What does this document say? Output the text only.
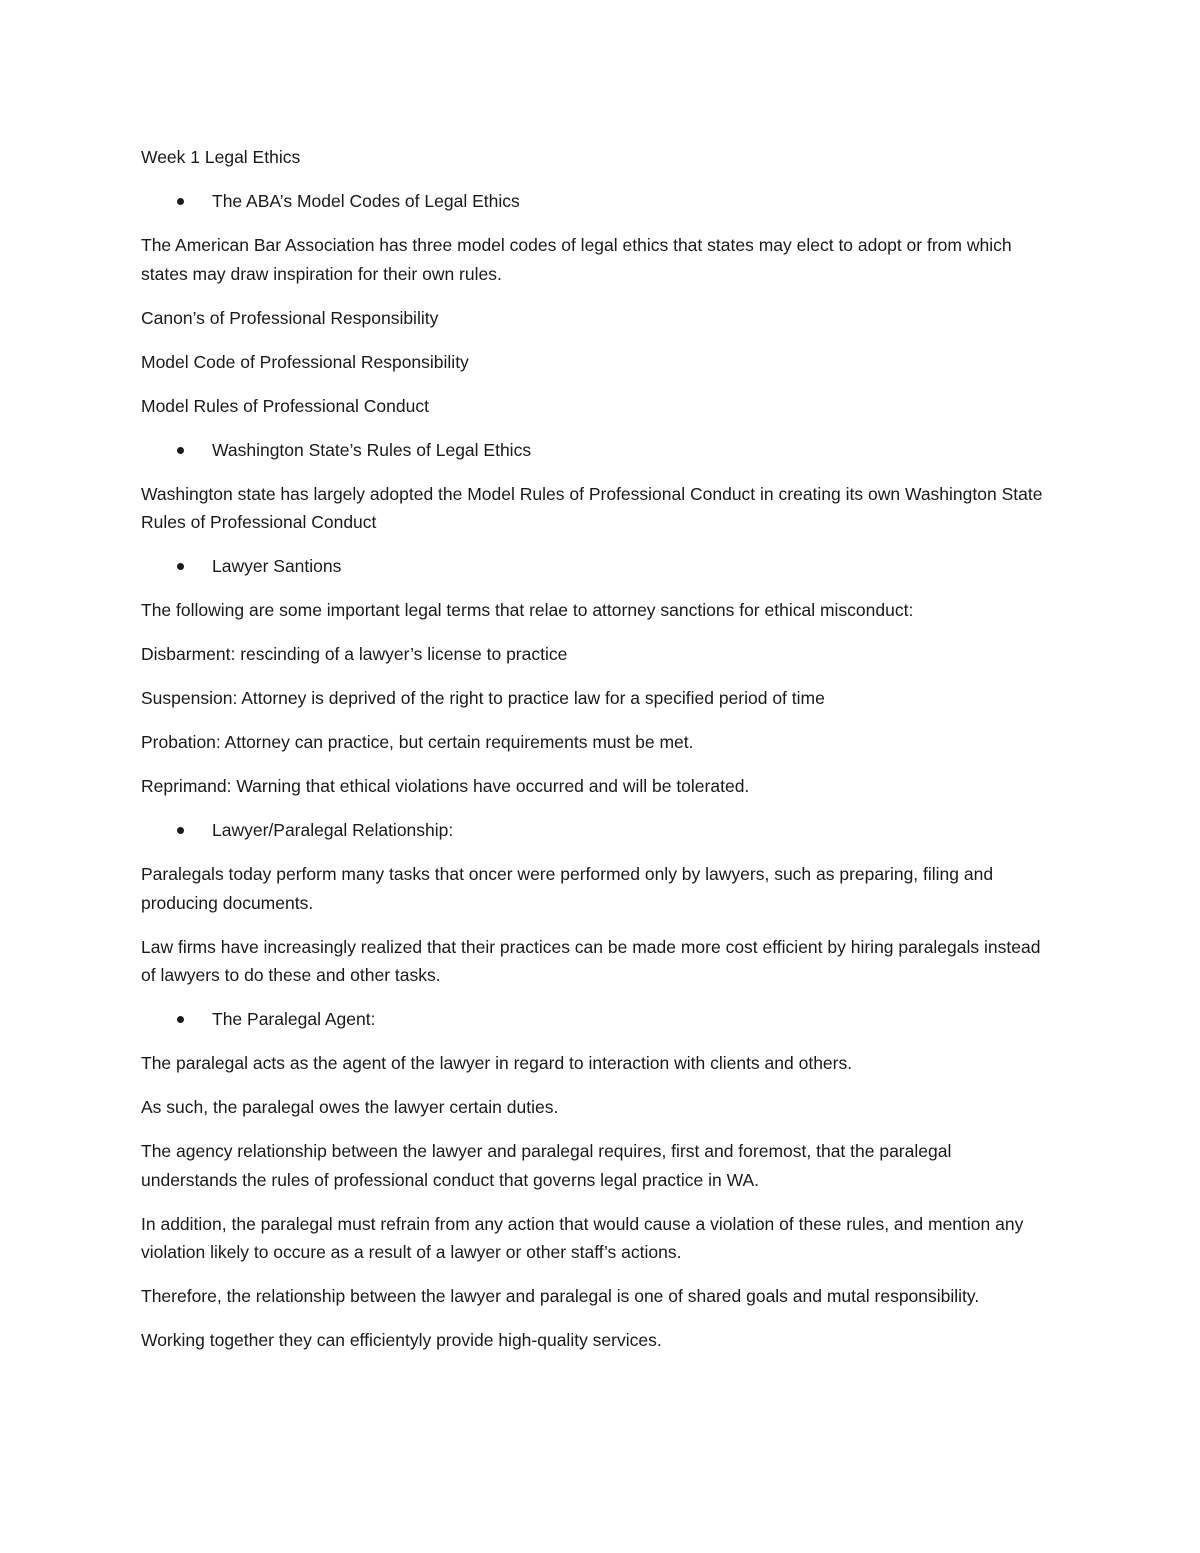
Week 1 Legal Ethics

The ABA’s Model Codes of Legal Ethics

The American Bar Association has three model codes of legal ethics that states may elect to adopt or from which states may draw inspiration for their own rules.

Canon’s of Professional Responsibility

Model Code of Professional Responsibility

Model Rules of Professional Conduct

Washington State’s Rules of Legal Ethics

Washington state has largely adopted the Model Rules of Professional Conduct in creating its own Washington State Rules of Professional Conduct

Lawyer Santions

The following are some important legal terms that relae to attorney sanctions for ethical misconduct:

Disbarment: rescinding of a lawyer’s license to practice

Suspension: Attorney is deprived of the right to practice law for a specified period of time

Probation: Attorney can practice, but certain requirements must be met.

Reprimand: Warning that ethical violations have occurred and will be tolerated.

Lawyer/Paralegal Relationship:

Paralegals today perform many tasks that oncer were performed only by lawyers, such as preparing, filing and producing documents.

Law firms have increasingly realized that their practices can be made more cost efficient by hiring paralegals instead of lawyers to do these and other tasks.

The Paralegal Agent:

The paralegal acts as the agent of the lawyer in regard to interaction with clients and others.

As such, the paralegal owes the lawyer certain duties.

The agency relationship between the lawyer and paralegal requires, first and foremost, that the paralegal understands the rules of professional conduct that governs legal practice in WA.

In addition, the paralegal must refrain from any action that would cause a violation of these rules, and mention any violation likely to occure as a result of a lawyer or other staff’s actions.

Therefore, the relationship between the lawyer and paralegal is one of shared goals and mutal responsibility.

Working together they can efficientyly provide high-quality services.
